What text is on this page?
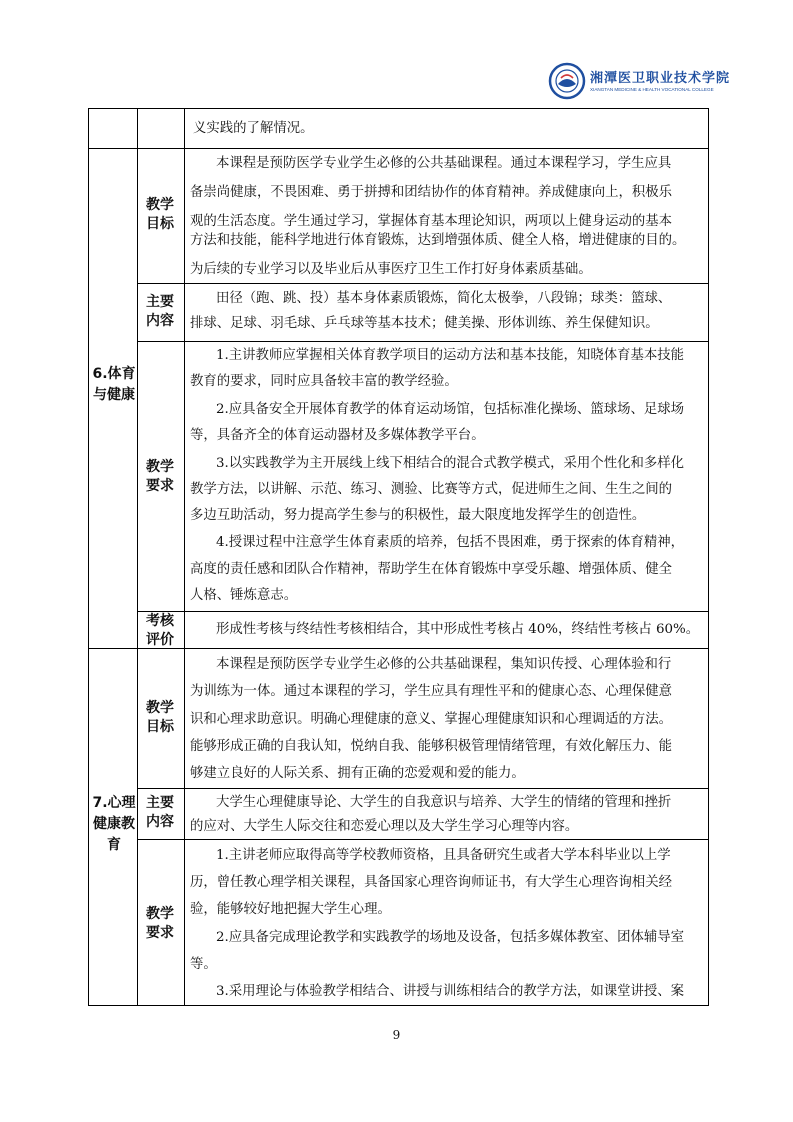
湘潭医卫职业技术学院
XIANGTAN MEDICINE & HEALTH VOCATIONAL COLLEGE
义实践的了解情况。
6.体育与健康
教学目标
本课程是预防医学专业学生必修的公共基础课程。通过本课程学习，学生应具
备崇尚健康，不畏困难、勇于拼搏和团结协作的体育精神。养成健康向上，积极乐
观的生活态度。学生通过学习，掌握体育基本理论知识，两项以上健身运动的基本
方法和技能，能科学地进行体育锻炼，达到增强体质、健全人格，增进健康的目的。
为后续的专业学习以及毕业后从事医疗卫生工作打好身体素质基础。
主要内容
田径（跑、跳、投）基本身体素质锻炼，简化太极拳，八段锦；球类：篮球、
排球、足球、羽毛球、乒乓球等基本技术；健美操、形体训练、养生保健知识。
教学要求
1.主讲教师应掌握相关体育教学项目的运动方法和基本技能，知晓体育基本技能
教育的要求，同时应具备较丰富的教学经验。
2.应具备安全开展体育教学的体育运动场馆，包括标准化操场、篮球场、足球场
等，具备齐全的体育运动器材及多媒体教学平台。
3.以实践教学为主开展线上线下相结合的混合式教学模式，采用个性化和多样化
教学方法，以讲解、示范、练习、测验、比赛等方式，促进师生之间、生生之间的
多边互助活动，努力提高学生参与的积极性，最大限度地发挥学生的创造性。
4.授课过程中注意学生体育素质的培养，包括不畏困难，勇于探索的体育精神，
高度的责任感和团队合作精神，帮助学生在体育锻炼中享受乐趣、增强体质、健全
人格、锤炼意志。
考核评价
形成性考核与终结性考核相结合，其中形成性考核占 40%，终结性考核占 60%。
7.心理健康教育
教学目标
本课程是预防医学专业学生必修的公共基础课程，集知识传授、心理体验和行
为训练为一体。通过本课程的学习，学生应具有理性平和的健康心态、心理保健意
识和心理求助意识。明确心理健康的意义、掌握心理健康知识和心理调适的方法。
能够形成正确的自我认知，悦纳自我、能够积极管理情绪管理，有效化解压力、能
够建立良好的人际关系、拥有正确的恋爱观和爱的能力。
主要内容
大学生心理健康导论、大学生的自我意识与培养、大学生的情绪的管理和挫折
的应对、大学生人际交往和恋爱心理以及大学生学习心理等内容。
教学要求
1.主讲老师应取得高等学校教师资格，且具备研究生或者大学本科毕业以上学
历，曾任教心理学相关课程，具备国家心理咨询师证书，有大学生心理咨询相关经
验，能够较好地把握大学生心理。
2.应具备完成理论教学和实践教学的场地及设备，包括多媒体教室、团体辅导室
等。
3.采用理论与体验教学相结合、讲授与训练相结合的教学方法，如课堂讲授、案
9
